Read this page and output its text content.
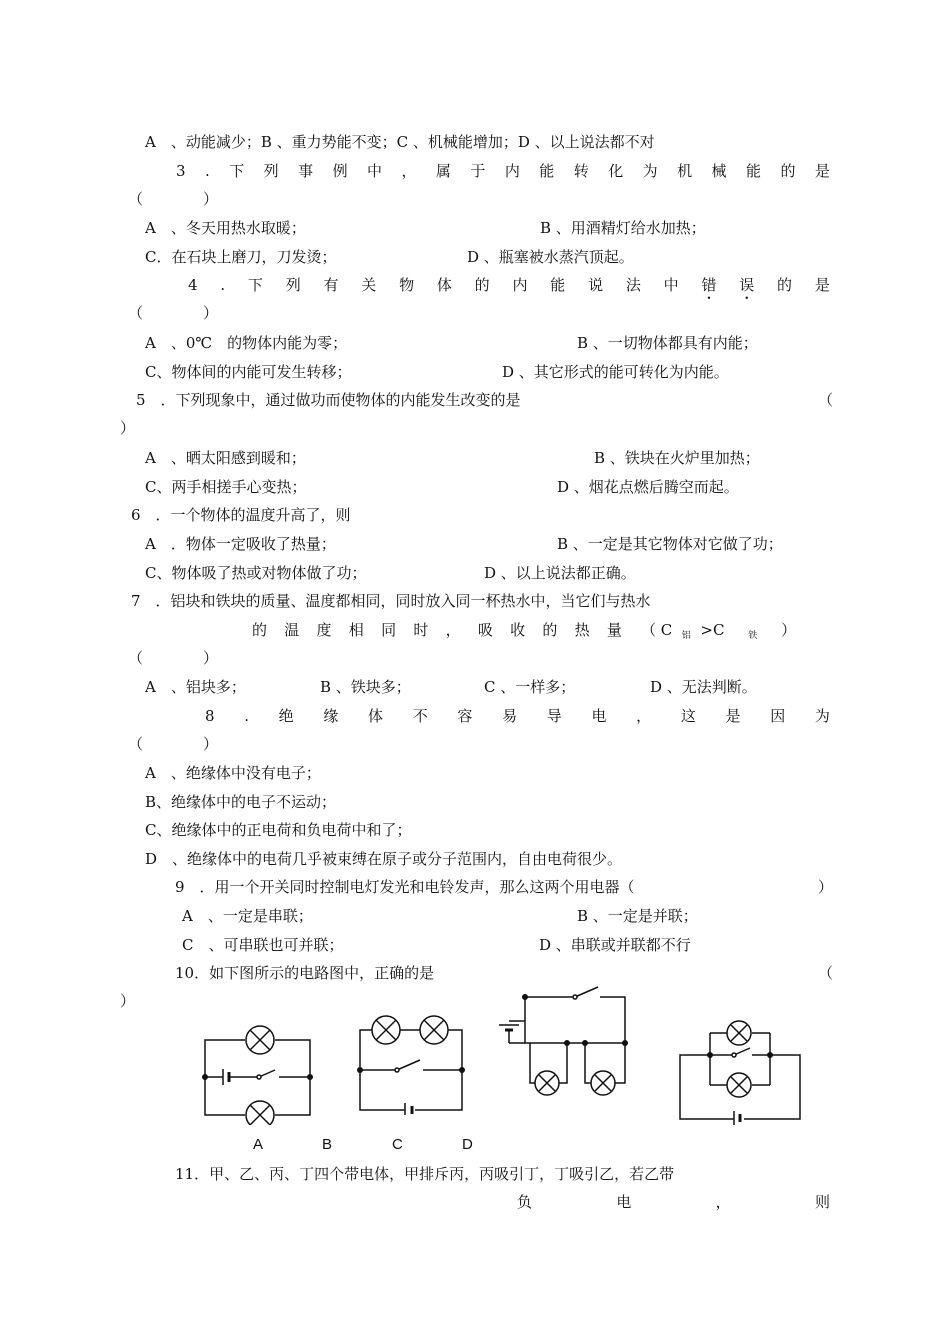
A　、动能减少；B 、重力势能不变；C 、机械能增加；D 、以上说法都不对
3 . 下 列 事 例 中 ， 属 于 内 能 转 化 为 机 械 能 的 是
（　　　　）
A　、冬天用热水取暖；	B 、用酒精灯给水加热；
C．在石块上磨刀，刀发烫；	D 、瓶塞被水蒸汽顶起。
4 . 下 列 有 关 物 体 的 内 能 说 法 中 错 • 误 • 的 是
（　　　　）
A　、0℃　的物体内能为零；	B 、一切物体都具有内能；
C、物体间的内能可发生转移；	D 、其它形式的能可转化为内能。
5　．下列现象中，通过做功而使物体的内能发生改变的是	（
）
A　、晒太阳感到暖和；	B 、铁块在火炉里加热；
C、两手相搓手心变热；	D 、烟花点燃后腾空而起。
6　．一个物体的温度升高了，则
A　．物体一定吸收了热量；	B 、一定是其它物体对它做了功；
C、物体吸了热或对物体做了功；	D 、以上说法都正确。
7　．铝块和铁块的质量、温度都相同，同时放入同一杯热水中，当它们与热水
的 温 度 相 同 时 ， 吸 收 的 热 量 （ C $_铝$ >C	$_铁$ ）
（　　　　）
A　、铝块多；	B 、铁块多；	C 、一样多；	D 、无法判断。
8 . 绝 缘 体 不 容 易 导 电 ， 这 是 因 为
（　　　　）
A　、绝缘体中没有电子；
B、绝缘体中的电子不运动；
C、绝缘体中的正电荷和负电荷中和了；
D　、绝缘体中的电荷几乎被束缚在原子或分子范围内，自由电荷很少。
9　．用一个开关同时控制电灯发光和电铃发声，那么这两个用电器（	）
A　、一定是串联；	B 、一定是并联；
C　、可串联也可并联；	D 、串联或并联都不行
10．如下图所示的电路图中，正确的是	（
）
A	B	C	D
11．甲、乙、丙、丁四个带电体，甲排斥丙，丙吸引丁，丁吸引乙，若乙带
负	电	，	则
